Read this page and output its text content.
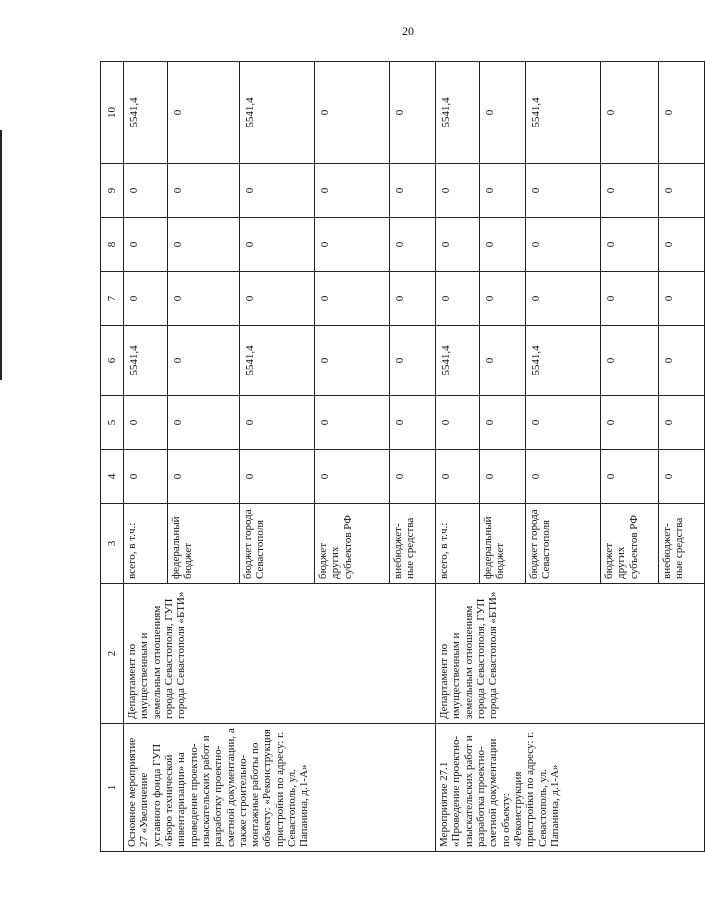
20
1	2	3	4	5	6	7	8	9	10
Основное мероприятие 27 «Увеличение уставного фонда ГУП «Бюро технической инвентаризации» на проведение проектно-изыскательских работ и разработку проектно-сметной документации, а также строительно-монтажные работы по объекту: «Реконструкция пристройки по адресу: г. Севастополь, ул. Папанина, д.1-А»	Департамент по имущественным и земельным отношениям города Севастополя, ГУП города Севастополя «БТИ»	всего, в т.ч.:	0	0	5541,4	0	0	0	5541,4
		федеральный бюджет	0	0	0	0	0	0	0
		бюджет города Севастополя	0	0	5541,4	0	0	0	5541,4
		бюджет других субъектов РФ	0	0	0	0	0	0	0
		внебюджет-ные средства	0	0	0	0	0	0	0
Мероприятие 27.1 «Проведение проектно-изыскательских работ и разработка проектно-сметной документации по объекту: «Реконструкция пристройки по адресу: г. Севастополь, ул. Папанина, д.1-А»	Департамент по имущественным и земельным отношениям города Севастополя, ГУП города Севастополя «БТИ»	всего, в т.ч.:	0	0	5541,4	0	0	0	5541,4
		федеральный бюджет	0	0	0	0	0	0	0
		бюджет города Севастополя	0	0	5541,4	0	0	0	5541,4
		бюджет других субъектов РФ	0	0	0	0	0	0	0
		внебюджет-ные средства	0	0	0	0	0	0	0
